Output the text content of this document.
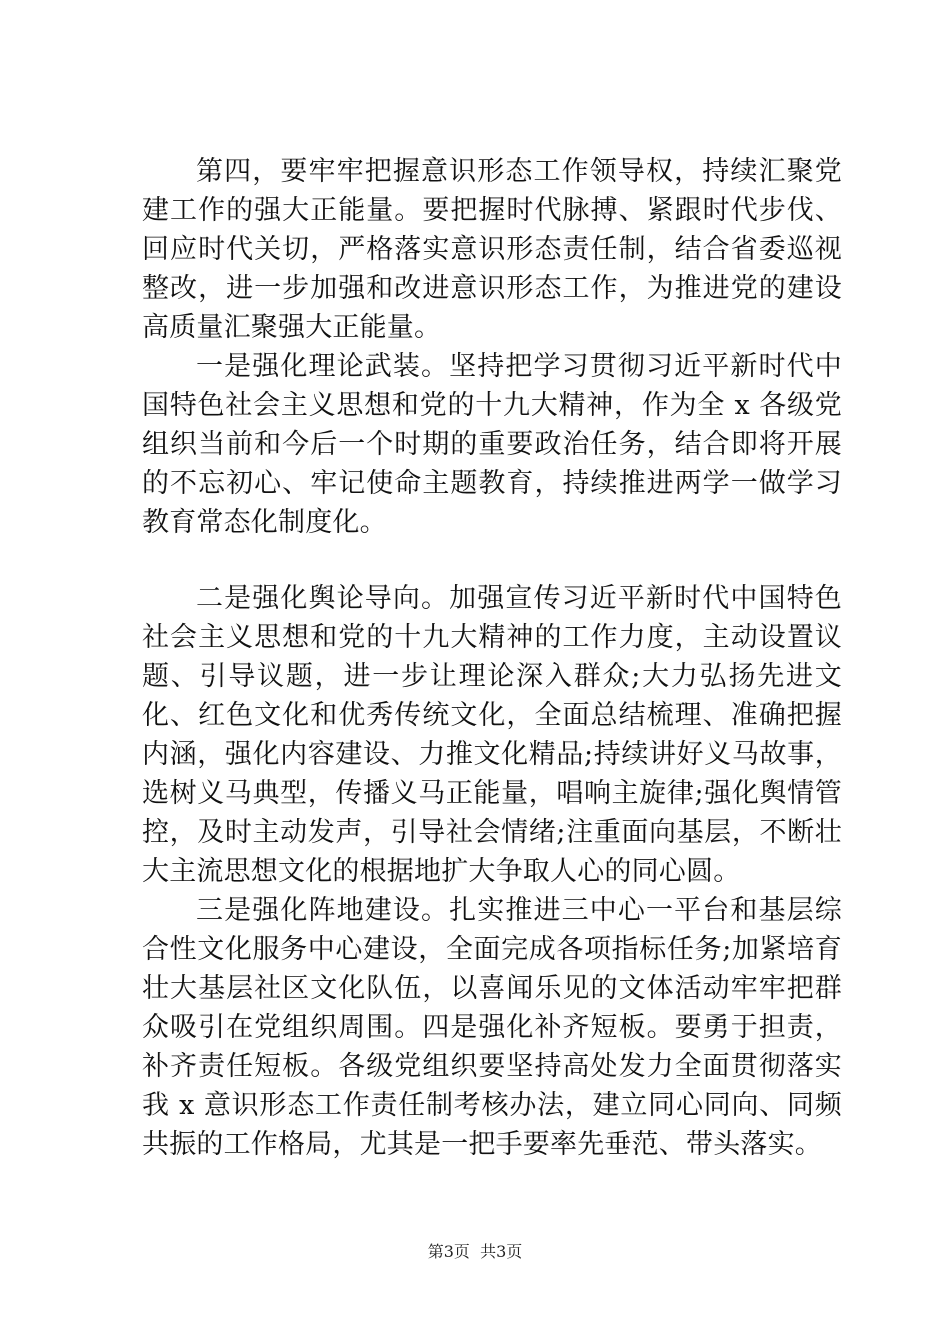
第四，要牢牢把握意识形态工作领导权，持续汇聚党建工作的强大正能量。要把握时代脉搏、紧跟时代步伐、回应时代关切，严格落实意识形态责任制，结合省委巡视整改，进一步加强和改进意识形态工作，为推进党的建设高质量汇聚强大正能量。

一是强化理论武装。坚持把学习贯彻习近平新时代中国特色社会主义思想和党的十九大精神，作为全 x 各级党组织当前和今后一个时期的重要政治任务，结合即将开展的不忘初心、牢记使命主题教育，持续推进两学一做学习教育常态化制度化。

二是强化舆论导向。加强宣传习近平新时代中国特色社会主义思想和党的十九大精神的工作力度，主动设置议题、引导议题，进一步让理论深入群众;大力弘扬先进文化、红色文化和优秀传统文化，全面总结梳理、准确把握内涵，强化内容建设、力推文化精品;持续讲好义马故事，选树义马典型，传播义马正能量，唱响主旋律;强化舆情管控，及时主动发声，引导社会情绪;注重面向基层，不断壮大主流思想文化的根据地扩大争取人心的同心圆。

三是强化阵地建设。扎实推进三中心一平台和基层综合性文化服务中心建设，全面完成各项指标任务;加紧培育壮大基层社区文化队伍，以喜闻乐见的文体活动牢牢把群众吸引在党组织周围。四是强化补齐短板。要勇于担责，补齐责任短板。各级党组织要坚持高处发力全面贯彻落实我 x 意识形态工作责任制考核办法，建立同心同向、同频共振的工作格局，尤其是一把手要率先垂范、带头落实。

第3页  共3页
